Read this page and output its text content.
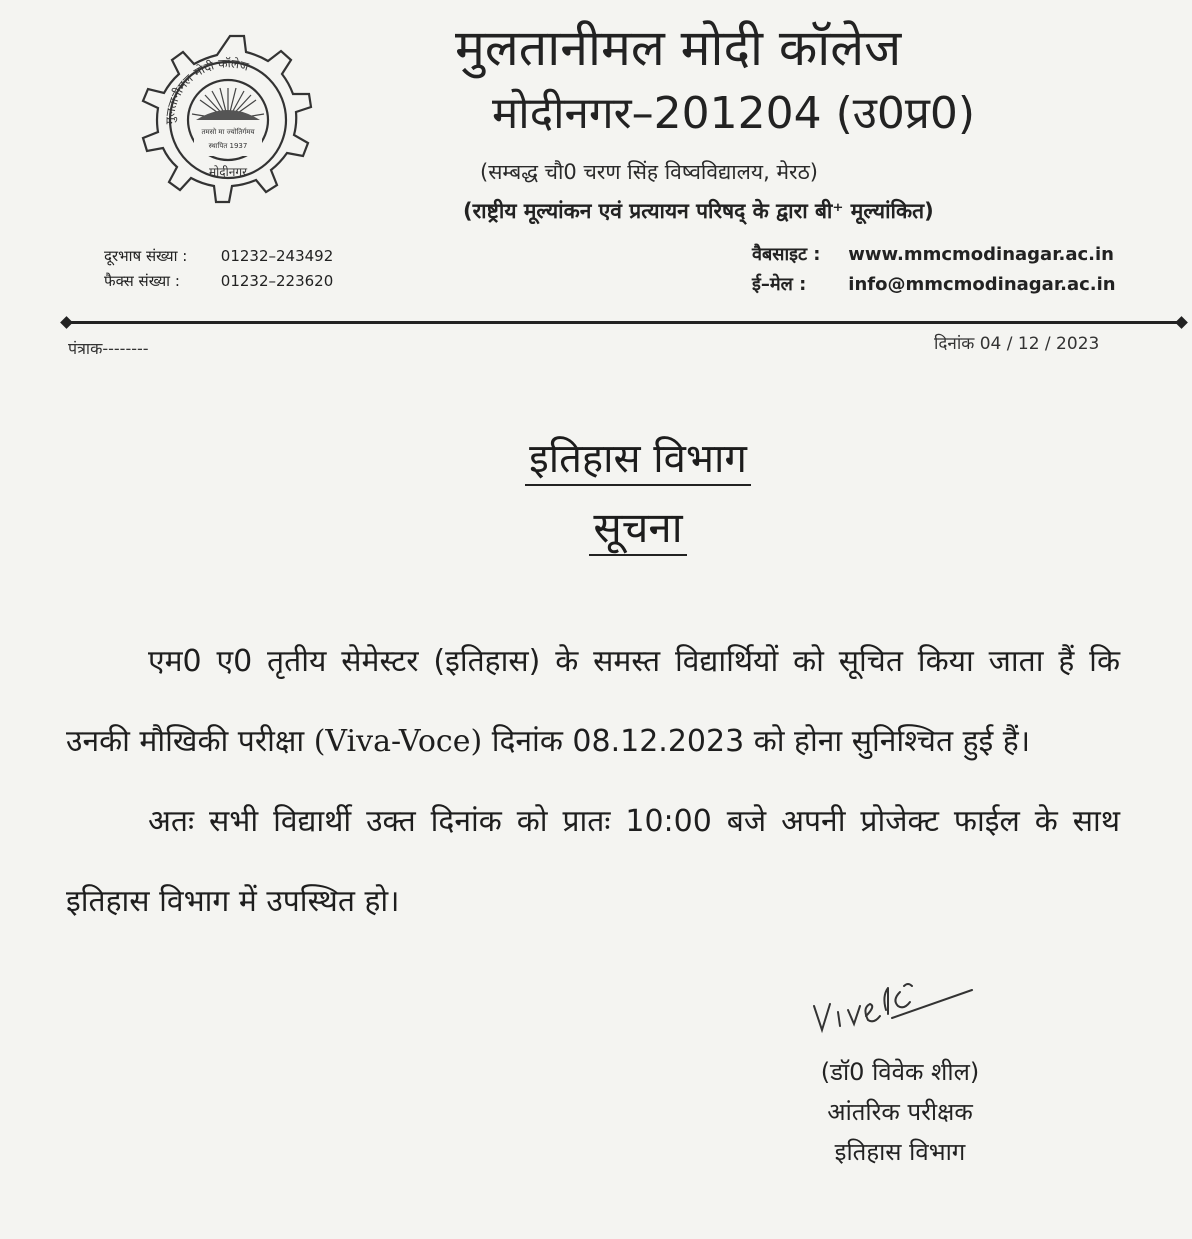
तमसो मा ज्योतिर्गमय
स्थापित 1937
मुलतानीमल मोदी कॉलेज
मोदीनगर
मुलतानीमल मोदी कॉलेज
मोदीनगर–201204 (उ0प्र0)
(सम्बद्ध चौ0 चरण सिंह विष्वविद्यालय, मेरठ)
(राष्ट्रीय मूल्यांकन एवं प्रत्यायन परिषद् के द्वारा बी⁺ मूल्यांकित)
दूरभाष संख्या : 01232–243492
फैक्स संख्या :	01232–223620
वैबसाइट : www.mmcmodinagar.ac.in
ई–मेल : info@mmcmodinagar.ac.in
पंत्राक--------	दिनांक 04 / 12 / 2023
इतिहास विभाग
सूचना

एम0 ए0 तृतीय सेमेस्टर (इतिहास) के समस्त विद्यार्थियों को सूचित किया जाता हैं कि उनकी मौखिकी परीक्षा (Viva-Voce) दिनांक 08.12.2023 को होना सुनिश्चित हुई हैं।

अतः सभी विद्यार्थी उक्त दिनांक को प्रातः 10:00 बजे अपनी प्रोजेक्ट फाईल के साथ इतिहास विभाग में उपस्थित हो।

(डॉ0 विवेक शील)
आंतरिक परीक्षक
इतिहास विभाग
